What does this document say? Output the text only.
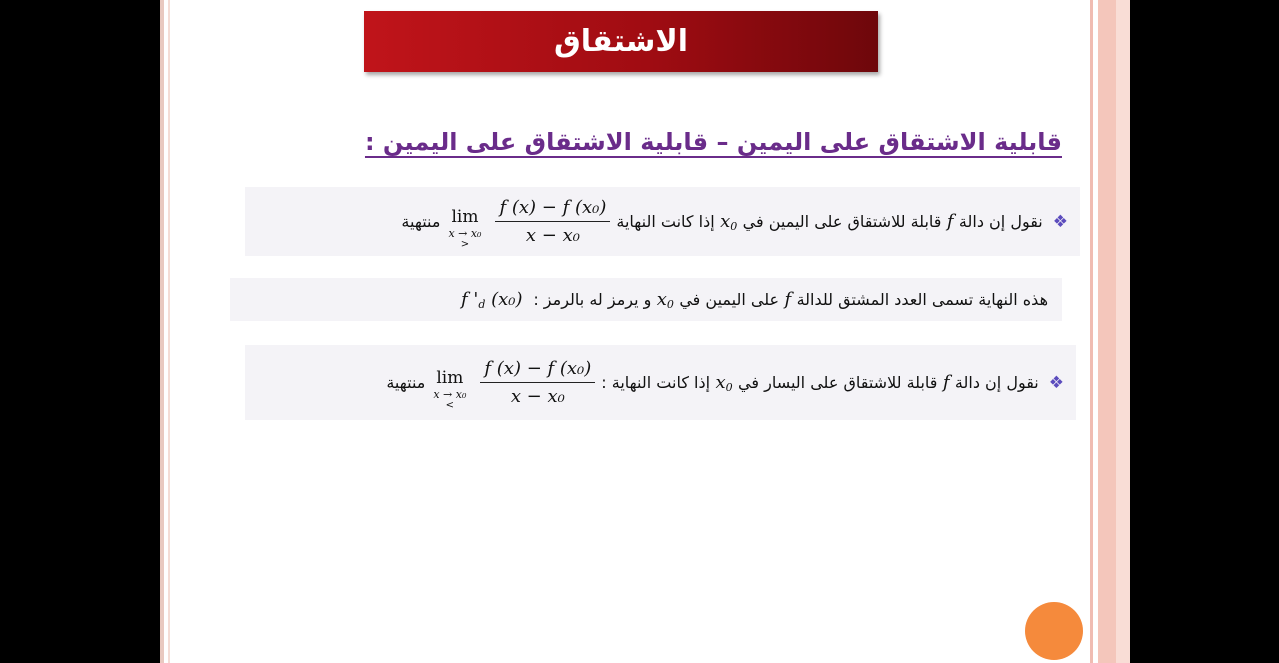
الاشتقاق
قابلية الاشتقاق على اليمين – قابلية الاشتقاق على اليمين :
❖
نقول إن دالة

f

قابلة للاشتقاق على اليمين في

$x_0$

إذا كانت النهاية
$\frac{\text{f (x) − f (x₀)}}{\text{x − x₀}}$
lim
x → x₀
>
منتهية
هذه النهاية تسمى العدد المشتق للدالة

f

على اليمين في

$x_0$

و يرمز له بالرمز :

f '$_d$ (x₀)
❖
نقول إن دالة

f

قابلة للاشتقاق على اليسار في

$x_0$

إذا كانت النهاية :
$\frac{\text{f (x) − f (x₀)}}{\text{x − x₀}}$
lim
x → x₀
<
منتهية
